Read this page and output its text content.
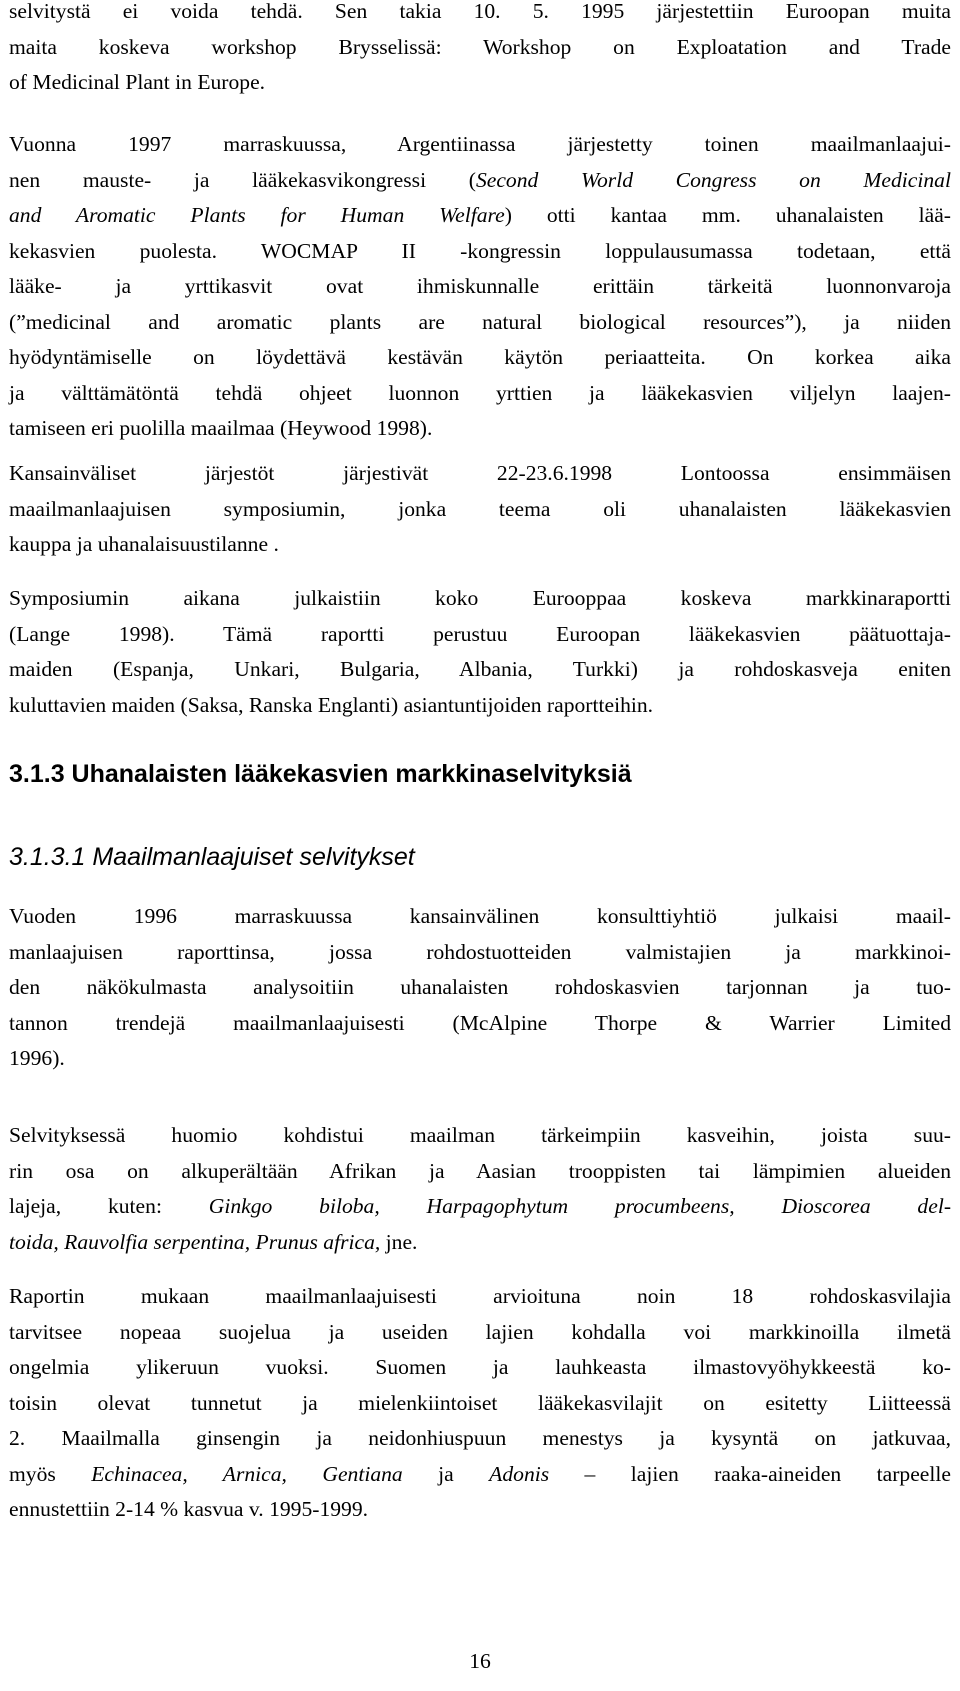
selvitystä ei voida tehdä. Sen takia 10. 5. 1995 järjestettiin Euroopan muita
maita koskeva workshop Brysselissä: Workshop on Exploatation and Trade
of Medicinal Plant in Europe.

Vuonna 1997 marraskuussa, Argentiinassa järjestetty toinen maailmanlaajui-
nen mauste- ja lääkekasvikongressi (Second World Congress on Medicinal
and Aromatic Plants for Human Welfare) otti kantaa mm. uhanalaisten lää-
kekasvien puolesta. WOCMAP II -kongressin loppulausumassa todetaan, että
lääke- ja yrttikasvit ovat ihmiskunnalle erittäin tärkeitä luonnonvaroja
(”medicinal and aromatic plants are natural biological resources”), ja niiden
hyödyntämiselle on löydettävä kestävän käytön periaatteita. On korkea aika
ja välttämätöntä tehdä ohjeet luonnon yrttien ja lääkekasvien viljelyn laajen-
tamiseen eri puolilla maailmaa (Heywood 1998).

Kansainväliset järjestöt järjestivät 22-23.6.1998 Lontoossa ensimmäisen
maailmanlaajuisen symposiumin, jonka teema oli uhanalaisten lääkekasvien
kauppa ja uhanalaisuustilanne .

Symposiumin aikana julkaistiin koko Eurooppaa koskeva markkinaraportti
(Lange 1998). Tämä raportti perustuu Euroopan lääkekasvien päätuottaja-
maiden (Espanja, Unkari, Bulgaria, Albania, Turkki) ja rohdoskasveja eniten
kuluttavien maiden (Saksa, Ranska Englanti) asiantuntijoiden raportteihin.

3.1.3 Uhanalaisten lääkekasvien markkinaselvityksiä
3.1.3.1 Maailmanlaajuiset selvitykset

Vuoden 1996 marraskuussa kansainvälinen konsulttiyhtiö julkaisi maail-
manlaajuisen raporttinsa, jossa rohdostuotteiden valmistajien ja markkinoi-
den näkökulmasta analysoitiin uhanalaisten rohdoskasvien tarjonnan ja tuo-
tannon trendejä maailmanlaajuisesti (McAlpine Thorpe & Warrier Limited
1996).

Selvityksessä huomio kohdistui maailman tärkeimpiin kasveihin, joista suu-
rin osa on alkuperältään Afrikan ja Aasian trooppisten tai lämpimien alueiden
lajeja, kuten: Ginkgo biloba, Harpagophytum procumbeens, Dioscorea del-
toida, Rauvolfia serpentina, Prunus africa, jne.

Raportin mukaan maailmanlaajuisesti arvioituna noin 18 rohdoskasvilajia
tarvitsee nopeaa suojelua ja useiden lajien kohdalla voi markkinoilla ilmetä
ongelmia ylikeruun vuoksi. Suomen ja lauhkeasta ilmastovyöhykkeestä ko-
toisin olevat tunnetut ja mielenkiintoiset lääkekasvilajit on esitetty Liitteessä
2. Maailmalla ginsengin ja neidonhiuspuun menestys ja kysyntä on jatkuvaa,
myös Echinacea, Arnica, Gentiana ja Adonis – lajien raaka-aineiden tarpeelle
ennustettiin 2-14 % kasvua v. 1995-1999.

16
